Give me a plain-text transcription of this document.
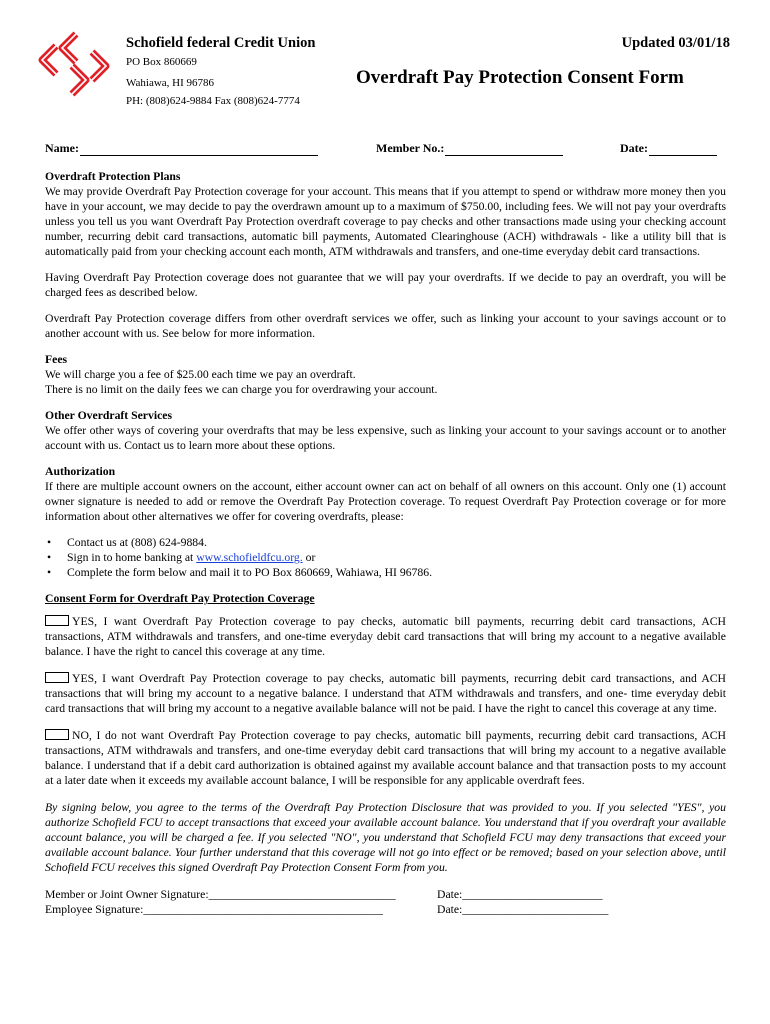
Schofield federal Credit Union
PO Box 860669
Wahiawa, HI 96786
PH: (808)624-9884 Fax (808)624-7774
Updated 03/01/18
Overdraft Pay Protection Consent Form
Name:	Member No.:	Date:

Overdraft Protection Plans

We may provide Overdraft Pay Protection coverage for your account. This means that if you attempt to spend or withdraw more money then you have in your account, we may decide to pay the overdrawn amount up to a maximum of $750.00, including fees. We will not pay your overdrafts unless you tell us you want Overdraft Pay Protection overdraft coverage to pay checks and other transactions made using your checking account number, recurring debit card transactions, automatic bill payments, Automated Clearinghouse (ACH) withdrawals - like a utility bill that is automatically paid from your checking account each month, ATM withdrawals and transfers, and one-time everyday debit card transactions.

Having Overdraft Pay Protection coverage does not guarantee that we will pay your overdrafts. If we decide to pay an overdraft, you will be charged fees as described below.

Overdraft Pay Protection coverage differs from other overdraft services we offer, such as linking your account to your savings account or to another account with us. See below for more information.

Fees

We will charge you a fee of $25.00 each time we pay an overdraft.

There is no limit on the daily fees we can charge you for overdrawing your account.

Other Overdraft Services

We offer other ways of covering your overdrafts that may be less expensive, such as linking your account to your savings account or to another account with us. Contact us to learn more about these options.

Authorization

If there are multiple account owners on the account, either account owner can act on behalf of all owners on this account. Only one (1) account owner signature is needed to add or remove the Overdraft Pay Protection coverage. To request Overdraft Pay Protection coverage or for more information about other alternatives we offer for covering overdrafts, please:

• Contact us at (808) 624-9884.
• Sign in to home banking at www.schofieldfcu.org. or
• Complete the form below and mail it to PO Box 860669, Wahiawa, HI 96786.

Consent Form for Overdraft Pay Protection Coverage

YES, I want Overdraft Pay Protection coverage to pay checks, automatic bill payments, recurring debit card transactions, ACH transactions, ATM withdrawals and transfers, and one-time everyday debit card transactions that will bring my account to a negative available balance. I have the right to cancel this coverage at any time.

YES, I want Overdraft Pay Protection coverage to pay checks, automatic bill payments, recurring debit card transactions, and ACH transactions that will bring my account to a negative balance. I understand that ATM withdrawals and transfers, and one- time everyday debit card transactions that will bring my account to a negative available balance will not be paid. I have the right to cancel this coverage at any time.

NO, I do not want Overdraft Pay Protection coverage to pay checks, automatic bill payments, recurring debit card transactions, ACH transactions, ATM withdrawals and transfers, and one-time everyday debit card transactions that will bring my account to a negative available balance. I understand that if a debit card authorization is obtained against my available account balance and that transaction posts to my account at a later date when it exceeds my available account balance, I will be responsible for any applicable overdraft fees.

By signing below, you agree to the terms of the Overdraft Pay Protection Disclosure that was provided to you. If you selected "YES", you authorize Schofield FCU to accept transactions that exceed your available account balance. You understand that if you overdraft your available account balance, you will be charged a fee. If you selected "NO", you understand that Schofield FCU may deny transactions that exceed your available account balance. Your further understand that this coverage will not go into effect or be removed; based on your selection above, until Schofield FCU receives this signed Overdraft Pay Protection Consent Form from you.

Member or Joint Owner Signature:________________________________	Date:________________________

Employee Signature:_________________________________________	Date:_________________________
